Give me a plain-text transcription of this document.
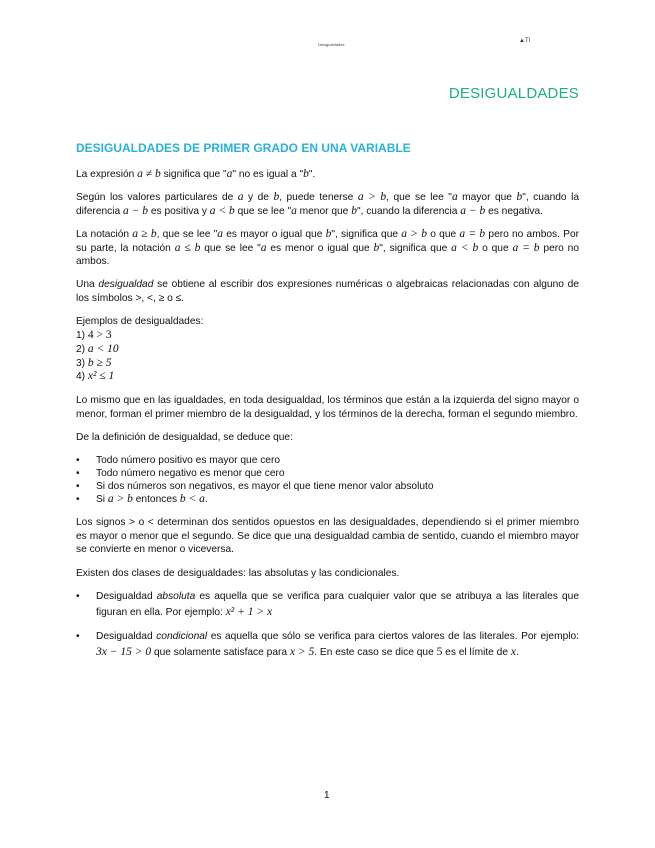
Desigualdades
▲TI
DESIGUALDADES
DESIGUALDADES DE PRIMER GRADO EN UNA VARIABLE

La expresión a ≠ b significa que "a" no es igual a "b".

Según los valores particulares de a y de b, puede tenerse a > b, que se lee "a mayor que b", cuando la diferencia a − b es positiva y a < b que se lee "a menor que b", cuando la diferencia a − b es negativa.

La notación a ≥ b, que se lee "a es mayor o igual que b", significa que a > b o que a = b pero no ambos. Por su parte, la notación a ≤ b que se lee "a es menor o igual que b", significa que a < b o que a = b pero no ambos.

Una desigualdad se obtiene al escribir dos expresiones numéricas o algebraicas relacionadas con alguno de los símbolos >, <, ≥ o ≤.

Ejemplos de desigualdades:
1) 4 > 3
2) a < 10
3) b ≥ 5
4) x² ≤ 1

Lo mismo que en las igualdades, en toda desigualdad, los términos que están a la izquierda del signo mayor o menor, forman el primer miembro de la desigualdad, y los términos de la derecha, forman el segundo miembro.

De la definición de desigualdad, se deduce que:

• Todo número positivo es mayor que cero
• Todo número negativo es menor que cero
• Si dos números son negativos, es mayor el que tiene menor valor absoluto
• Si a > b entonces b < a.

Los signos > o < determinan dos sentidos opuestos en las desigualdades, dependiendo si el primer miembro es mayor o menor que el segundo. Se dice que una desigualdad cambia de sentido, cuando el miembro mayor se convierte en menor o viceversa.

Existen dos clases de desigualdades: las absolutas y las condicionales.

• Desigualdad absoluta es aquella que se verifica para cualquier valor que se atribuya a las literales que figuran en ella. Por ejemplo: x² + 1 > x
• Desigualdad condicional es aquella que sólo se verifica para ciertos valores de las literales. Por ejemplo: 3x − 15 > 0 que solamente satisface para x > 5. En este caso se dice que 5 es el límite de x.
1
